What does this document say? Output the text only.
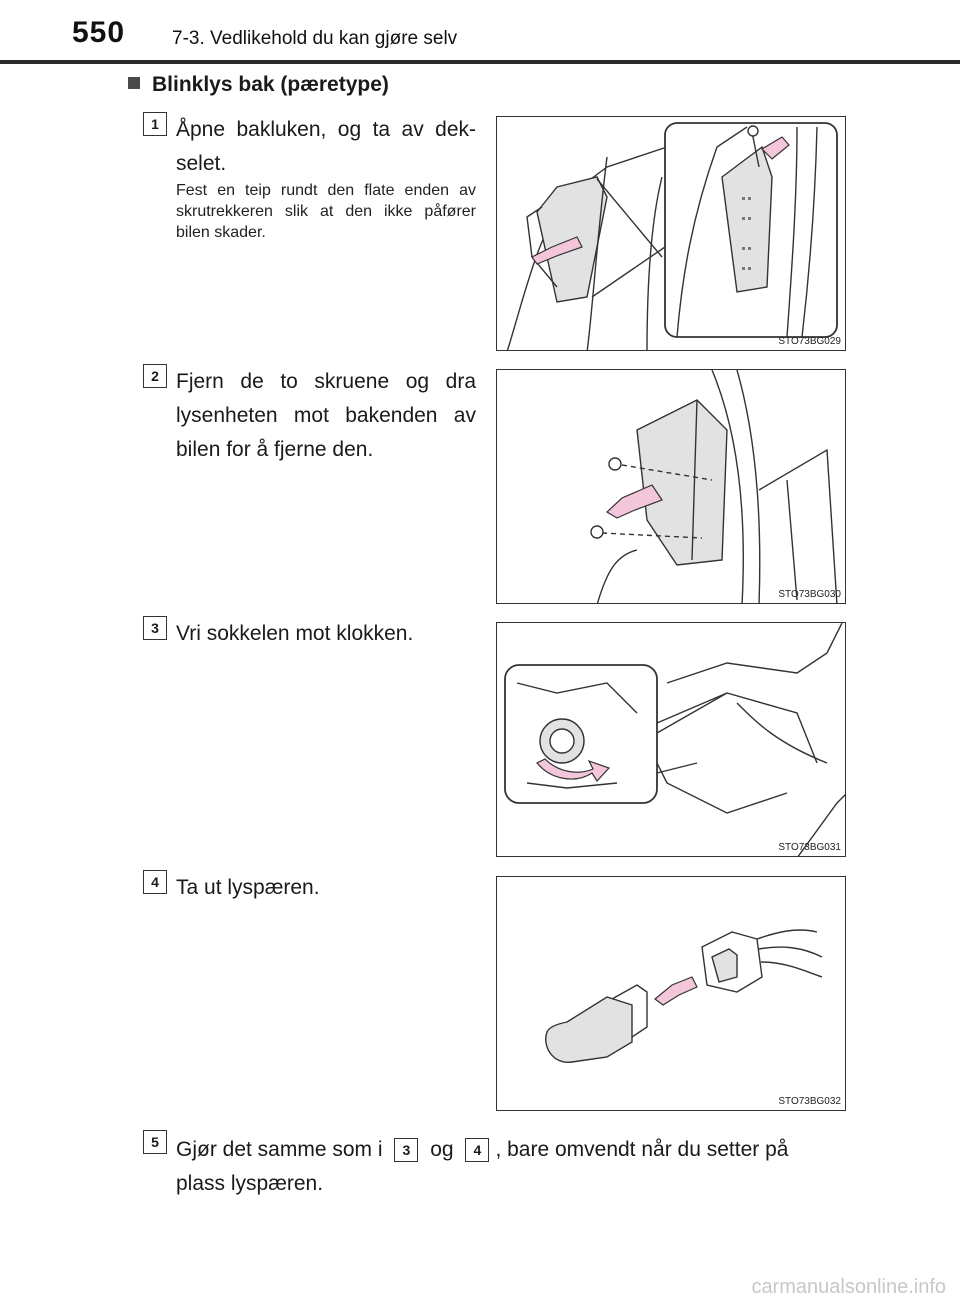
550 7-3. Vedlikehold du kan gjøre selv
Blinklys bak (pæretype)
1 Åpne bakluken, og ta av dek-selet.
Fest en teip rundt den flate enden av skrutrekkeren slik at den ikke påfører bilen skader.
STO73BG029
2 Fjern de to skruene og dra lysenheten mot bakenden av bilen for å fjerne den.
STO73BG030
3 Vri sokkelen mot klokken.
STO73BG031
4 Ta ut lyspæren.
STO73BG032
5 Gjør det samme som i 3 og 4 , bare omvendt når du setter på
plass lyspæren.
carmanualsonline.info
